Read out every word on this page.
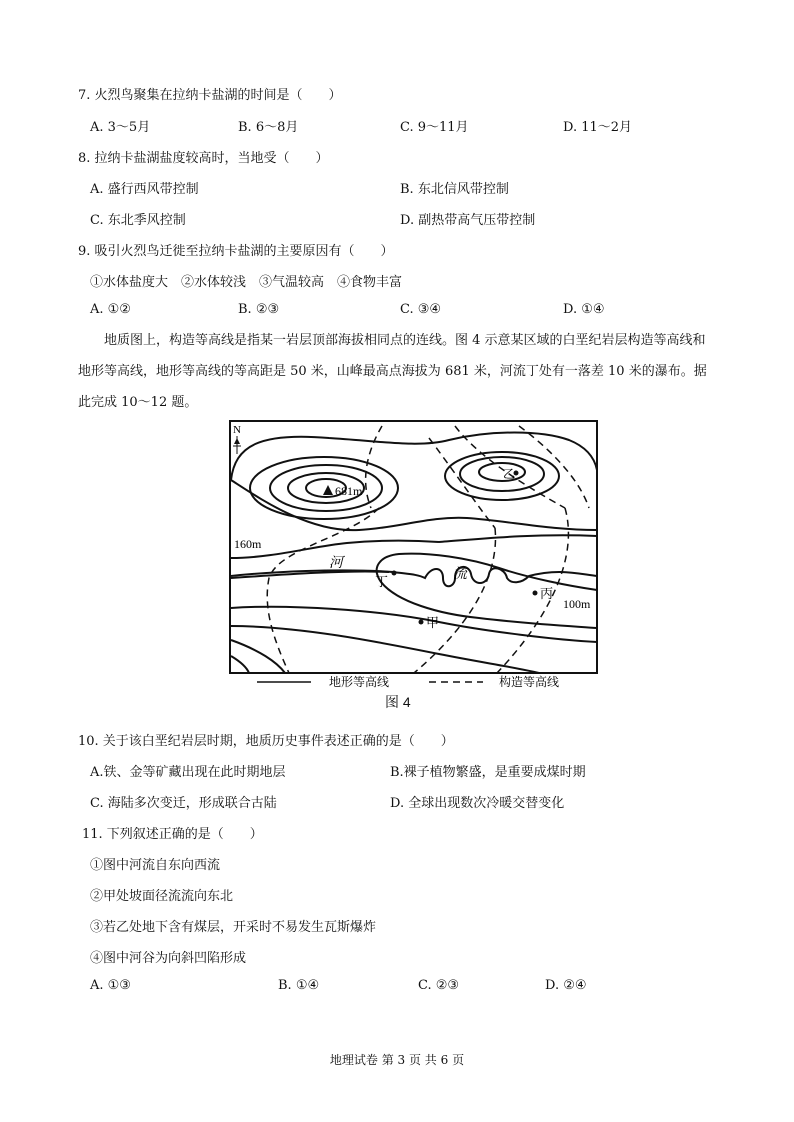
7. 火烈鸟聚集在拉纳卡盐湖的时间是（　　）
A. 3～5月	B. 6～8月	C. 9～11月	D. 11～2月
8. 拉纳卡盐湖盐度较高时，当地受（　　）
A. 盛行西风带控制	B. 东北信风带控制
C. 东北季风控制	D. 副热带高气压带控制
9. 吸引火烈鸟迁徙至拉纳卡盐湖的主要原因有（　　）
①水体盐度大　②水体较浅　③气温较高　④食物丰富
A. ①②	B. ②③	C. ③④	D. ①④
地质图上，构造等高线是指某一岩层顶部海拔相同点的连线。图 4 示意某区域的白垩纪岩层构造等高线和地形等高线，地形等高线的等高距是 50 米，山峰最高点海拔为 681 米，河流丁处有一落差 10 米的瀑布。据此完成 10～12 题。
N
681m
乙
160m
100m
河
流
丁
丙
甲
地形等高线	构造等高线
图 4
10. 关于该白垩纪岩层时期，地质历史事件表述正确的是（　　）
A.铁、金等矿藏出现在此时期地层	B.裸子植物繁盛，是重要成煤时期
C. 海陆多次变迁，形成联合古陆	D. 全球出现数次冷暖交替变化
11. 下列叙述正确的是（　　）
①图中河流自东向西流
②甲处坡面径流流向东北
③若乙处地下含有煤层，开采时不易发生瓦斯爆炸
④图中河谷为向斜凹陷形成
A. ①③	B. ①④	C. ②③	D. ②④
地理试卷 第 3 页 共 6 页
